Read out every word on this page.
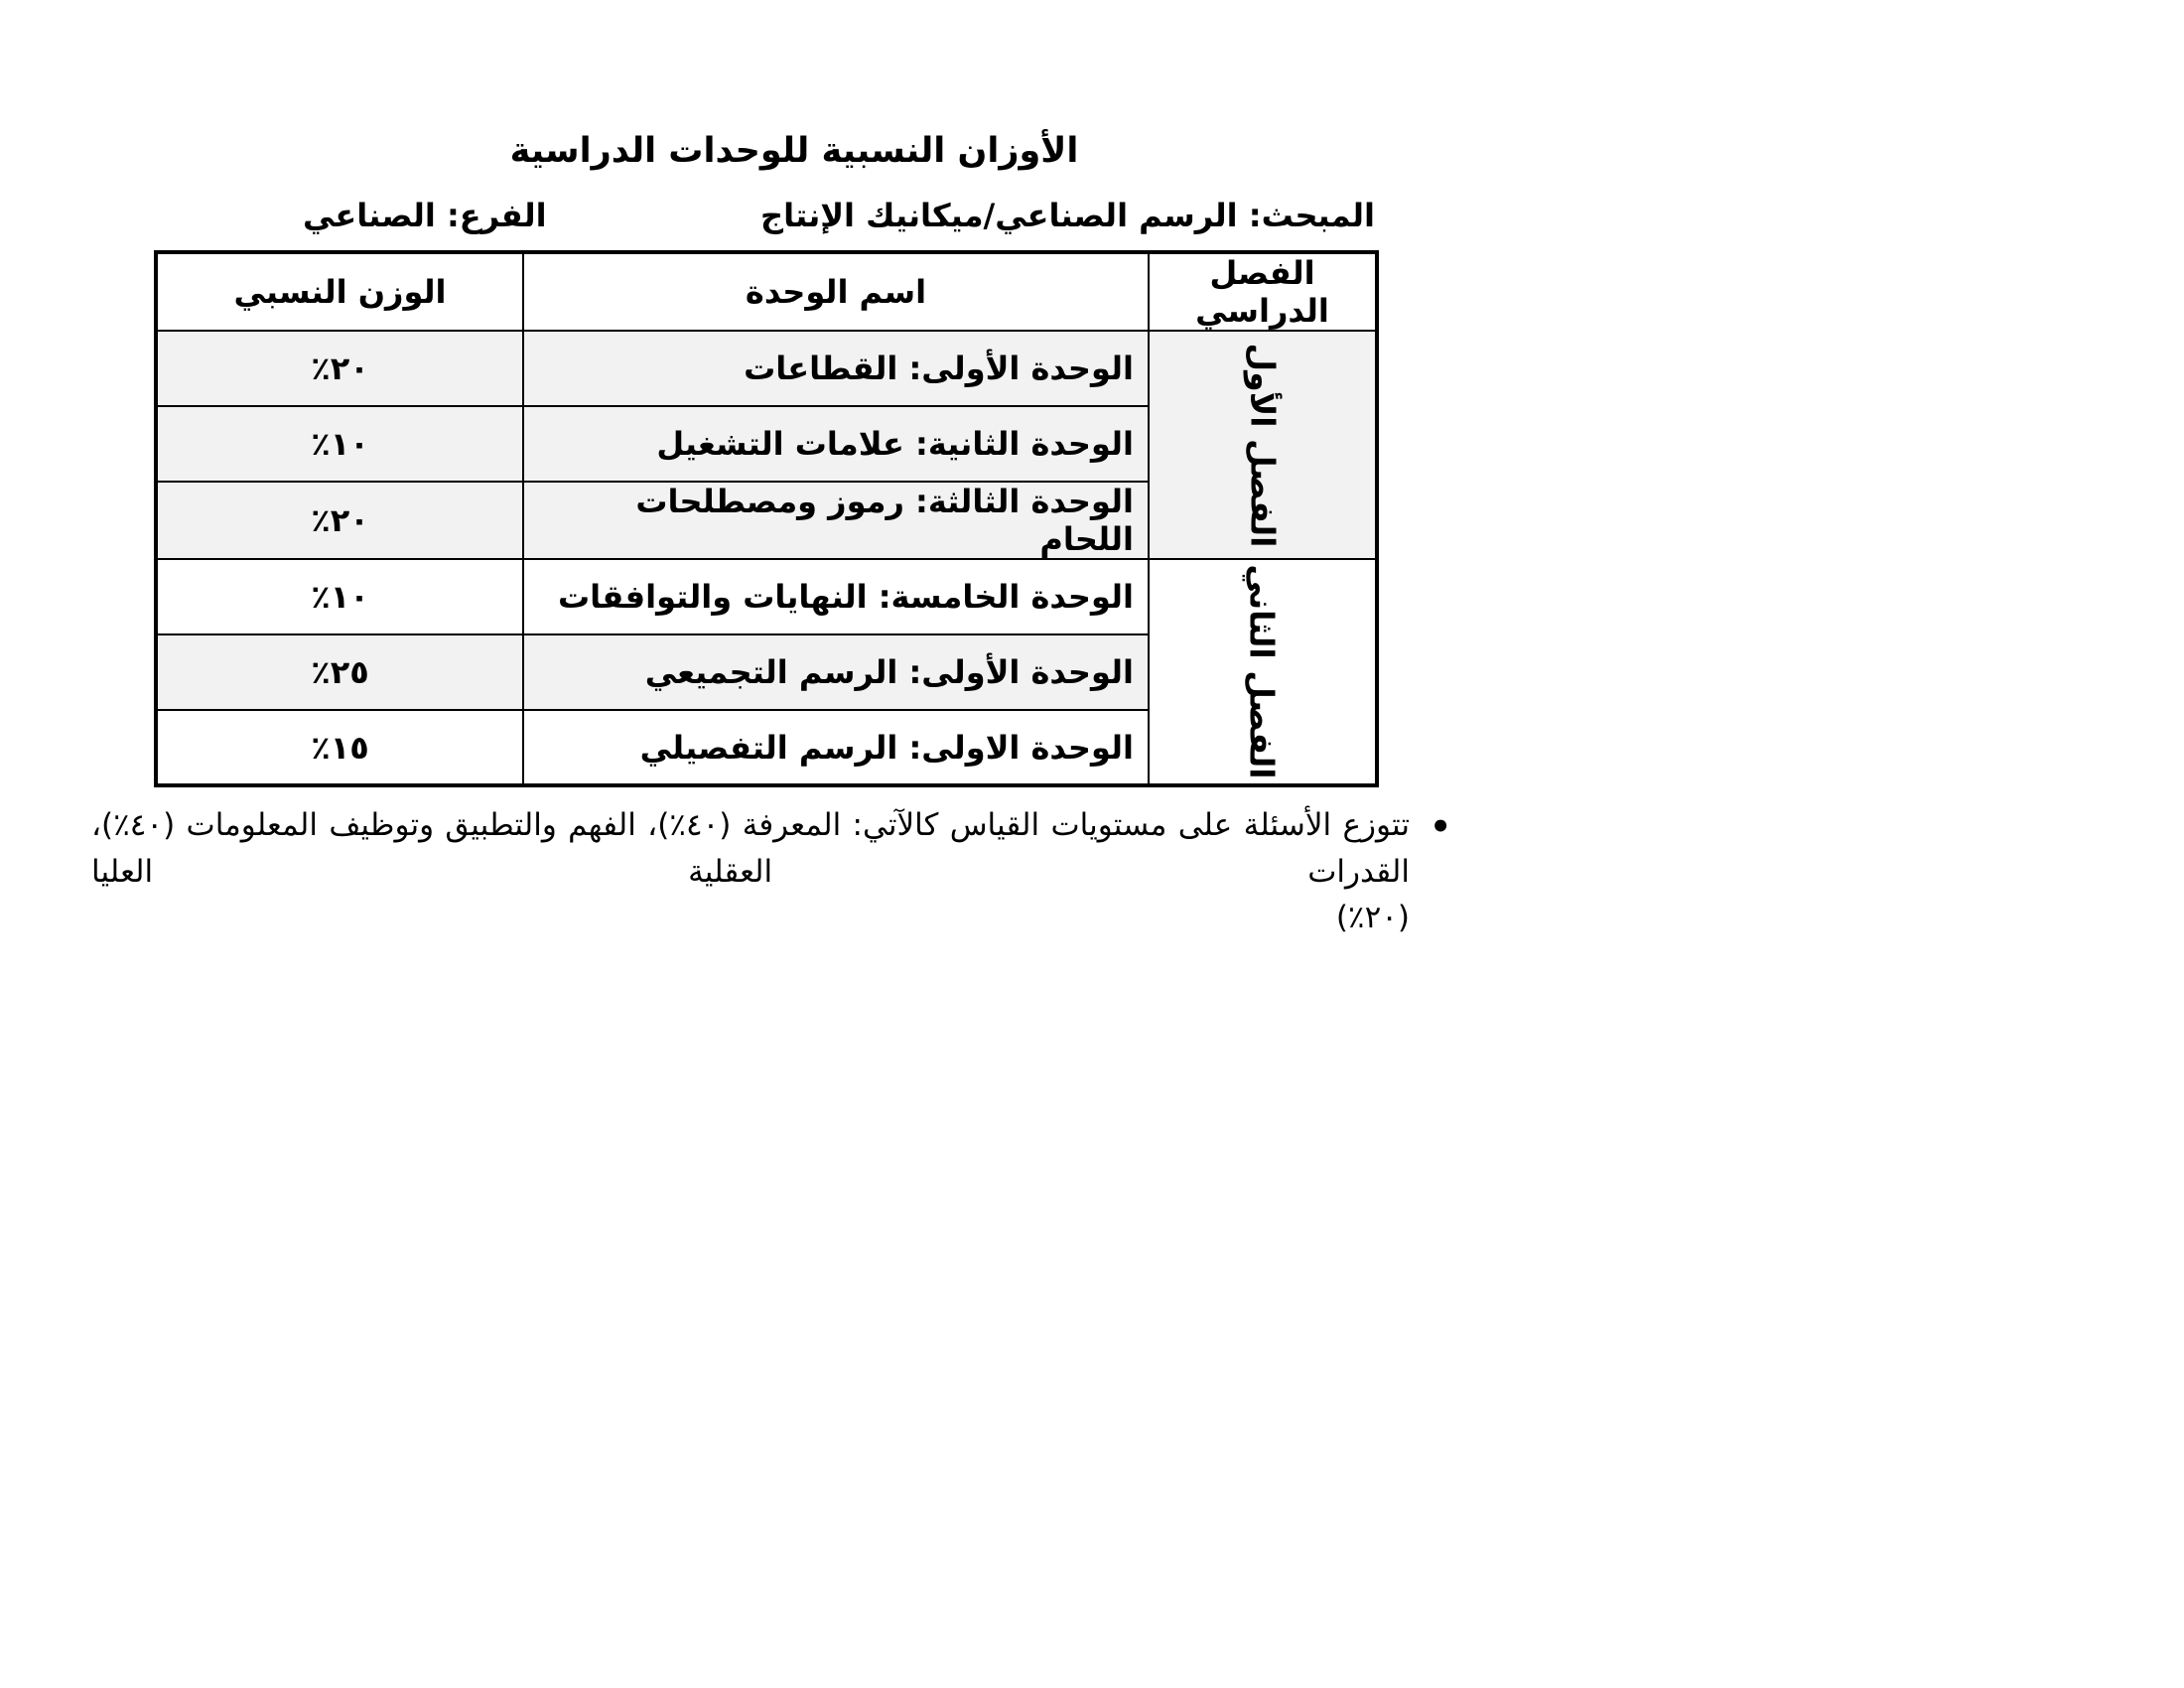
الأوزان النسبية للوحدات الدراسية
المبحث: الرسم الصناعي/ميكانيك الإنتاج
الفرع: الصناعي
الفصل الدراسي	اسم الوحدة	الوزن النسبي
الفصل الأول	الوحدة الأولى: القطاعات	٢٠٪
	الوحدة الثانية: علامات التشغيل	١٠٪
	الوحدة الثالثة: رموز ومصطلحات اللحام	٢٠٪
الفصل الثاني	الوحدة الخامسة: النهايات والتوافقات	١٠٪
	الوحدة الأولى: الرسم التجميعي	٢٥٪
	الوحدة الاولى: الرسم التفصيلي	١٥٪
•
تتوزع الأسئلة على مستويات القياس كالآتي: المعرفة (٤٠٪)، الفهم والتطبيق وتوظيف المعلومات (٤٠٪)، القدرات العقلية العليا
(٢٠٪)
